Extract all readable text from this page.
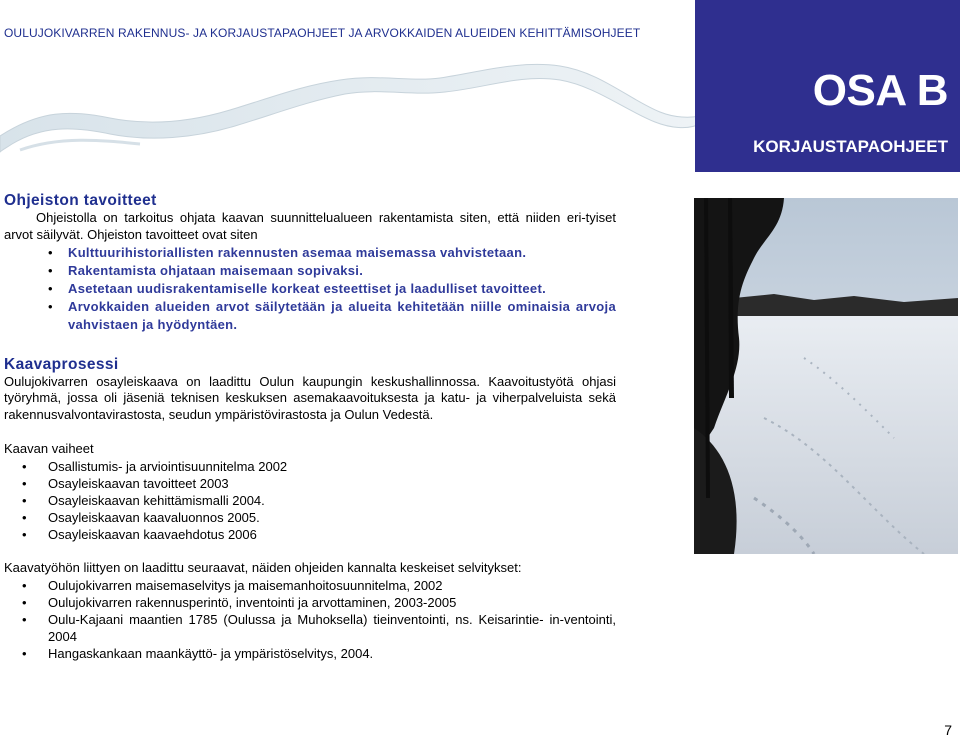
OULUJOKIVARREN RAKENNUS- JA KORJAUSTAPAOHJEET JA ARVOKKAIDEN ALUEIDEN KEHITTÄMISOHJEET
OSA B
KORJAUSTAPAOHJEET
Ohjeiston tavoitteet

Ohjeistolla on tarkoitus ohjata kaavan suunnittelualueen rakentamista siten, että niiden eri-tyiset arvot säilyvät. Ohjeiston tavoitteet ovat siten

• Kulttuurihistoriallisten rakennusten asemaa maisemassa vahvistetaan.
• Rakentamista ohjataan maisemaan sopivaksi.
• Asetetaan uudisrakentamiselle korkeat esteettiset ja laadulliset tavoitteet.
• Arvokkaiden alueiden arvot säilytetään ja alueita kehitetään niille ominaisia arvoja vahvistaen ja hyödyntäen.
Kaavaprosessi

Oulujokivarren osayleiskaava on laadittu Oulun kaupungin keskushallinnossa. Kaavoitustyötä ohjasi työryhmä, jossa oli jäseniä teknisen keskuksen asemakaavoituksesta ja katu- ja viherpalveluista sekä rakennusvalvontavirastosta, seudun ympäristövirastosta ja Oulun Vedestä.

Kaavan vaiheet

• Osallistumis- ja arviointisuunnitelma 2002
• Osayleiskaavan tavoitteet 2003
• Osayleiskaavan kehittämismalli 2004.
• Osayleiskaavan kaavaluonnos 2005.
• Osayleiskaavan kaavaehdotus 2006

Kaavatyöhön liittyen on laadittu seuraavat, näiden ohjeiden kannalta keskeiset selvitykset:

• Oulujokivarren maisemaselvitys ja maisemanhoitosuunnitelma, 2002
• Oulujokivarren rakennusperintö, inventointi ja arvottaminen, 2003-2005
• Oulu-Kajaani maantien 1785 (Oulussa ja Muhoksella) tieinventointi, ns. Keisarintie- in-ventointi, 2004
• Hangaskankaan maankäyttö- ja ympäristöselvitys, 2004.
7
